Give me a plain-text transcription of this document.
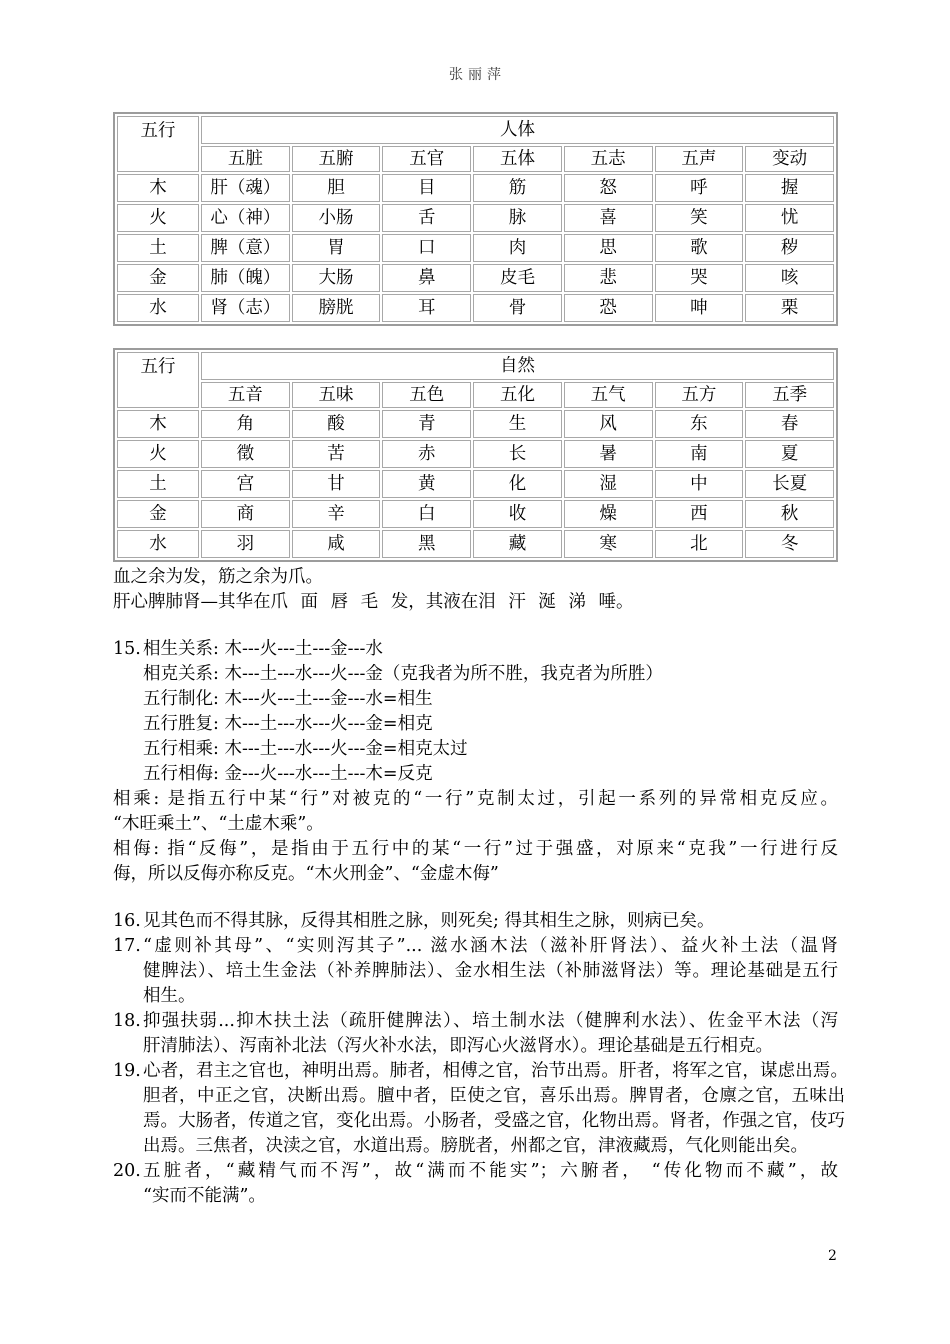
张丽萍
五行	人体						
	五脏	五腑	五官	五体	五志	五声	变动
木	肝（魂）	胆	目	筋	怒	呼	握
火	心（神）	小肠	舌	脉	喜	笑	忧
土	脾（意）	胃	口	肉	思	歌	秽
金	肺（魄）	大肠	鼻	皮毛	悲	哭	咳
水	肾（志）	膀胱	耳	骨	恐	呻	栗
五行	自然						
	五音	五味	五色	五化	五气	五方	五季
木	角	酸	青	生	风	东	春
火	徵	苦	赤	长	暑	南	夏
土	宫	甘	黄	化	湿	中	长夏
金	商	辛	白	收	燥	西	秋
水	羽	咸	黑	藏	寒	北	冬
血之余为发，筋之余为爪。
肝心脾肺肾—其华在爪 面 唇 毛 发，其液在泪 汗 涎 涕 唾。
15. 相生关系: 木---火---土---金---水
相克关系: 木---土---水---火---金（克我者为所不胜，我克者为所胜）
五行制化: 木---火---土---金---水=相生
五行胜复: 木---土---水---火---金=相克
五行相乘: 木---土---水---火---金=相克太过
五行相侮: 金---火---水---土---木=反克
相乘: 是指五行中某“行”对被克的“一行”克制太过，引起一系列的异常相克反应。
“木旺乘土”、“土虚木乘”。
相侮: 指“反侮”，是指由于五行中的某“一行”过于强盛，对原来“克我”一行进行反
侮，所以反侮亦称反克。“木火刑金”、“金虚木侮”
16. 见其色而不得其脉，反得其相胜之脉，则死矣; 得其相生之脉，则病已矣。
17. “虚则补其母”、“实则泻其子”... 滋水涵木法（滋补肝肾法）、益火补土法（温肾
健脾法）、培土生金法（补养脾肺法）、金水相生法（补肺滋肾法）等。理论基础是五行
相生。
18. 抑强扶弱...抑木扶土法（疏肝健脾法）、培土制水法（健脾利水法）、佐金平木法（泻
肝清肺法）、泻南补北法（泻火补水法，即泻心火滋肾水）。理论基础是五行相克。
19. 心者，君主之官也，神明出焉。肺者，相傅之官，治节出焉。肝者，将军之官，谋虑出焉。
胆者，中正之官，决断出焉。膻中者，臣使之官，喜乐出焉。脾胃者，仓廪之官，五味出
焉。大肠者，传道之官，变化出焉。小肠者，受盛之官，化物出焉。肾者，作强之官，伎巧
出焉。三焦者，决渎之官，水道出焉。膀胱者，州都之官，津液藏焉，气化则能出矣。
20. 五脏者，“藏精气而不泻”，故“满而不能实”；六腑者， “传化物而不藏”，故
“实而不能满”。
2
